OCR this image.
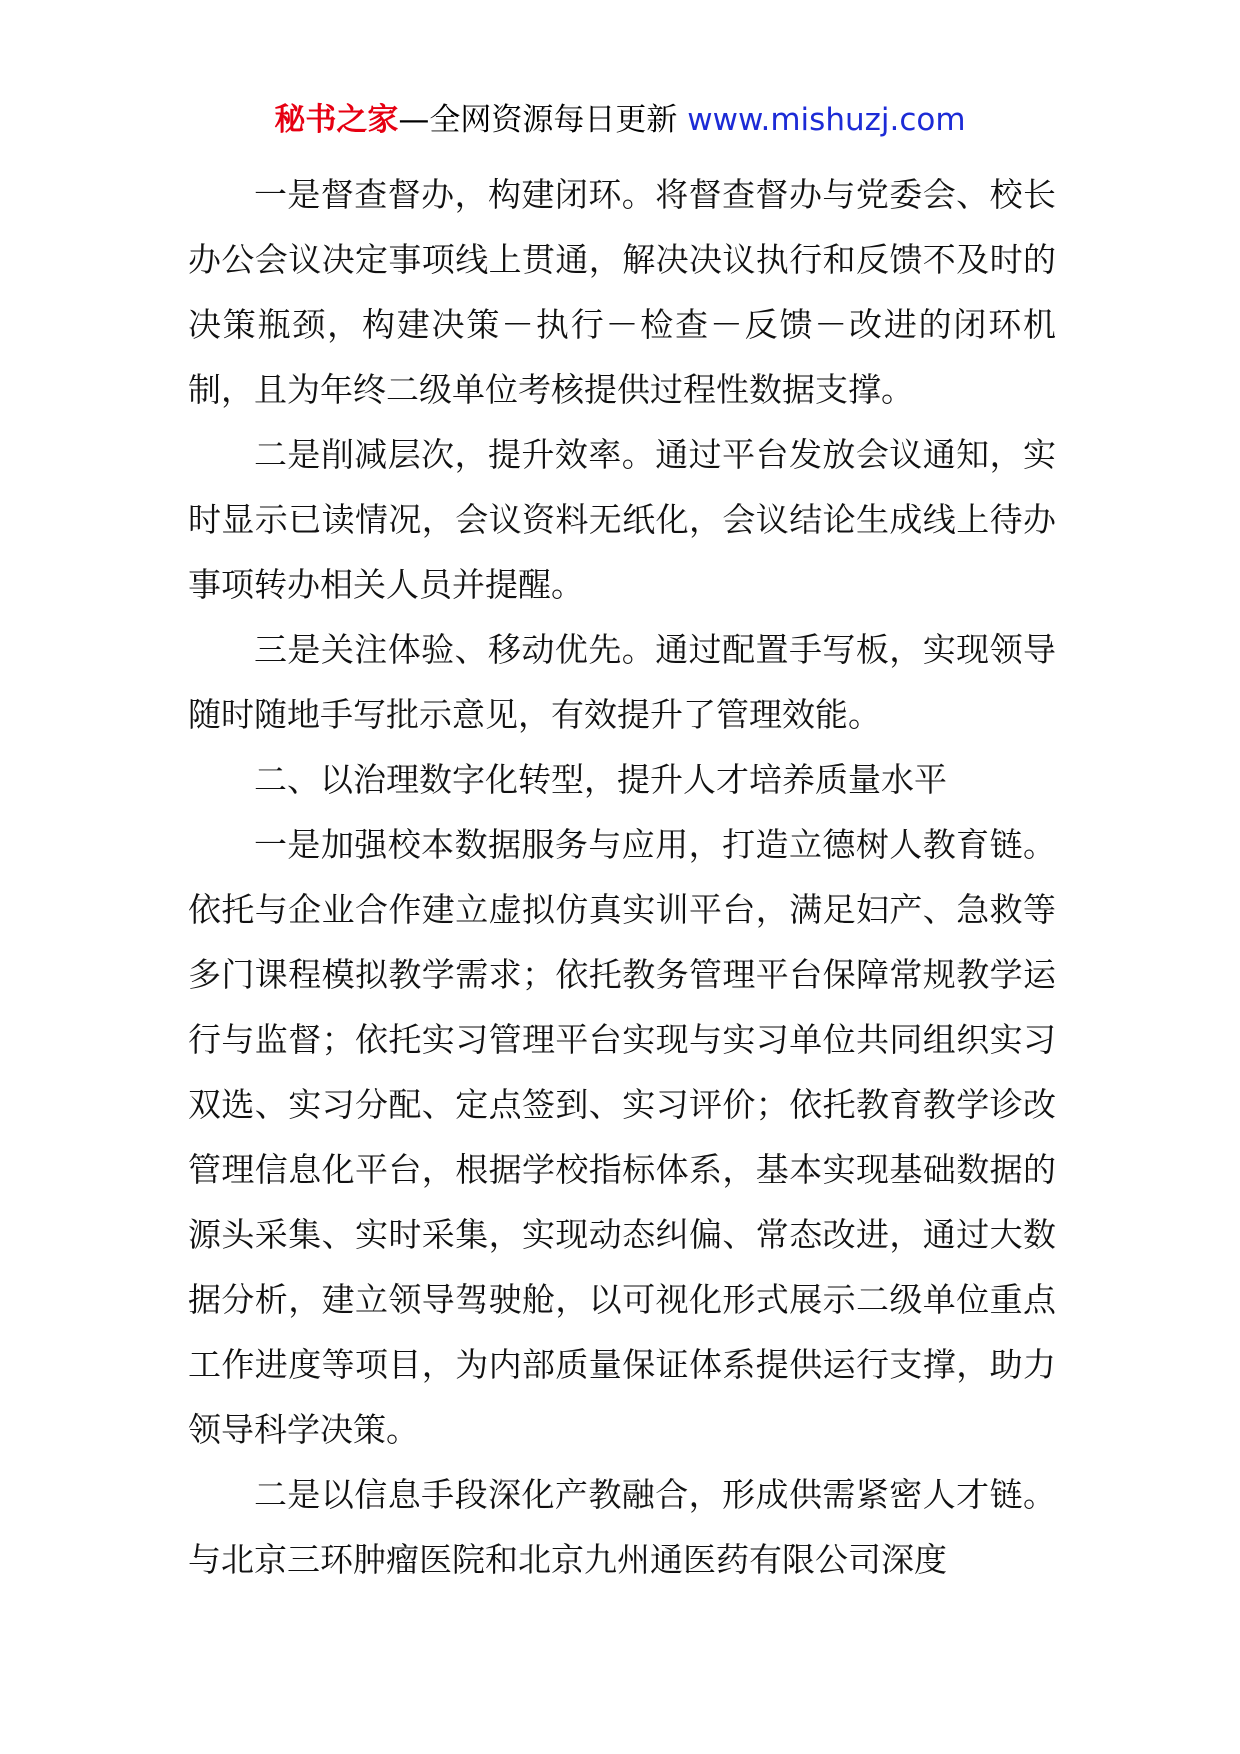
秘书之家—全网资源每日更新 www.mishuzj.com

一是督查督办，构建闭环。将督查督办与党委会、校长办公会议决定事项线上贯通，解决决议执行和反馈不及时的决策瓶颈，构建决策－执行－检查－反馈－改进的闭环机制，且为年终二级单位考核提供过程性数据支撑。

二是削减层次，提升效率。通过平台发放会议通知，实时显示已读情况，会议资料无纸化，会议结论生成线上待办事项转办相关人员并提醒。

三是关注体验、移动优先。通过配置手写板，实现领导随时随地手写批示意见，有效提升了管理效能。

二、以治理数字化转型，提升人才培养质量水平

一是加强校本数据服务与应用，打造立德树人教育链。依托与企业合作建立虚拟仿真实训平台，满足妇产、急救等多门课程模拟教学需求；依托教务管理平台保障常规教学运行与监督；依托实习管理平台实现与实习单位共同组织实习双选、实习分配、定点签到、实习评价；依托教育教学诊改管理信息化平台，根据学校指标体系，基本实现基础数据的源头采集、实时采集，实现动态纠偏、常态改进，通过大数据分析，建立领导驾驶舱，以可视化形式展示二级单位重点工作进度等项目，为内部质量保证体系提供运行支撑，助力领导科学决策。

二是以信息手段深化产教融合，形成供需紧密人才链。与北京三环肿瘤医院和北京九州通医药有限公司深度
